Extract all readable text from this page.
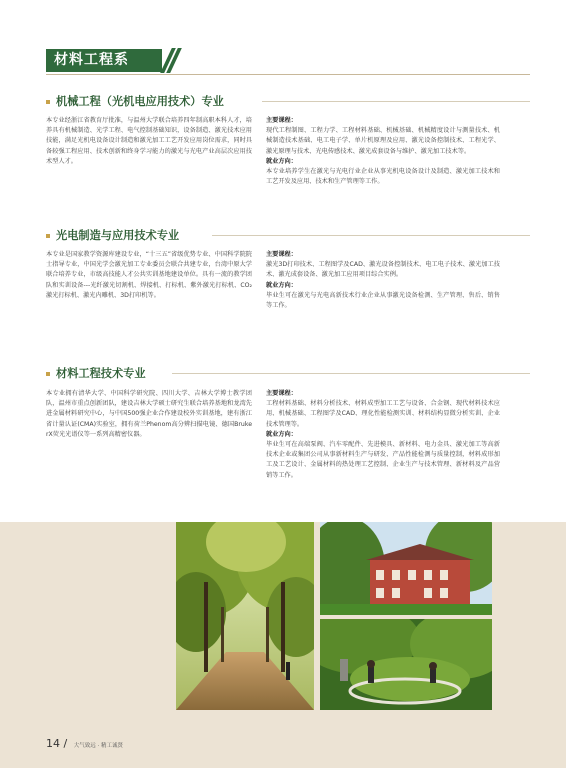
材料工程系
机械工程（光机电应用技术）专业
本专业经浙江省教育厅批准，与温州大学联合培养四年制高职本科人才，培养具有机械制造、光学工程、电气控制基础知识，设备制造、激光技术应用技能，满足光机电设备设计制造和激光加工工艺开发应用岗位需求，同时具备较强工程应用、技术创新和终身学习能力的激光与光电产业高层次应用技术型人才。
主要课程：
现代工程制图、工程力学、工程材料基础、机械基础、机械精度设计与测量技术、机械制造技术基础、电工电子学、单片机原理及应用、激光设备控制技术、工程光学、激光原理与技术、光电传感技术、激光成套设备与维护、激光加工技术等。
就业方向：
本专业培养学生在激光与光电行业企业从事光机电设备设计及制造、激光加工技术和工艺开发及应用、技术和生产管理等工作。
光电制造与应用技术专业
本专业是国家教学资源库建设专业，“十三五”省级优势专业、中国科学院院士指导专业，中国光学会激光加工专业委员会联合共建专业，台湾中原大学联合培养专业，市级高技能人才公共实训基地建设单位。具有一流的教学团队和实训设备---光纤激光切割机、焊接机、打标机、紫外激光打标机、CO₂激光打标机、激光内雕机、3D打印机等。
主要课程：
激光3D打印技术、工程图学及CAD、激光设备控制技术、电工电子技术、激光加工技术、激光成套设备、激光加工应用项目综合实例。
就业方向：
毕业生可在激光与光电高新技术行业企业从事激光设备检测、生产管理、售后、销售等工作。
材料工程技术专业
本专业拥有清华大学、中国科学研究院、四川大学、吉林大学博士教学团队，温州市重点创新团队，建设吉林大学硕士研究生联合培养基地和龙湾先进金属材料研究中心，与中国500强企业合作建设校外实训基地，建有浙江省计量认证(CMA)实验室，拥有荷兰Phenom高分辨扫描电镜、德国BrukerX荧光光谱仪等一系列高精密仪器。
主要课程：
工程材料基础、材料分析技术、材料成型加工工艺与设备、合金钢、现代材料技术应用、机械基础、工程图学及CAD、理化性能检测实训、材料结构显微分析实训、企业技术管理等。
就业方向：
毕业生可在高端泵阀、汽车零配件、先进模具、新材料、电力金具、激光加工等高新技术企业或集团公司从事新材料生产与研发、产品性能检测与质量控制，材料成形加工及工艺设计、金属材料的热处理工艺控制、企业生产与技术管理、新材料及产品营销等工作。
14 / 大气致远 · 精工诚贤
